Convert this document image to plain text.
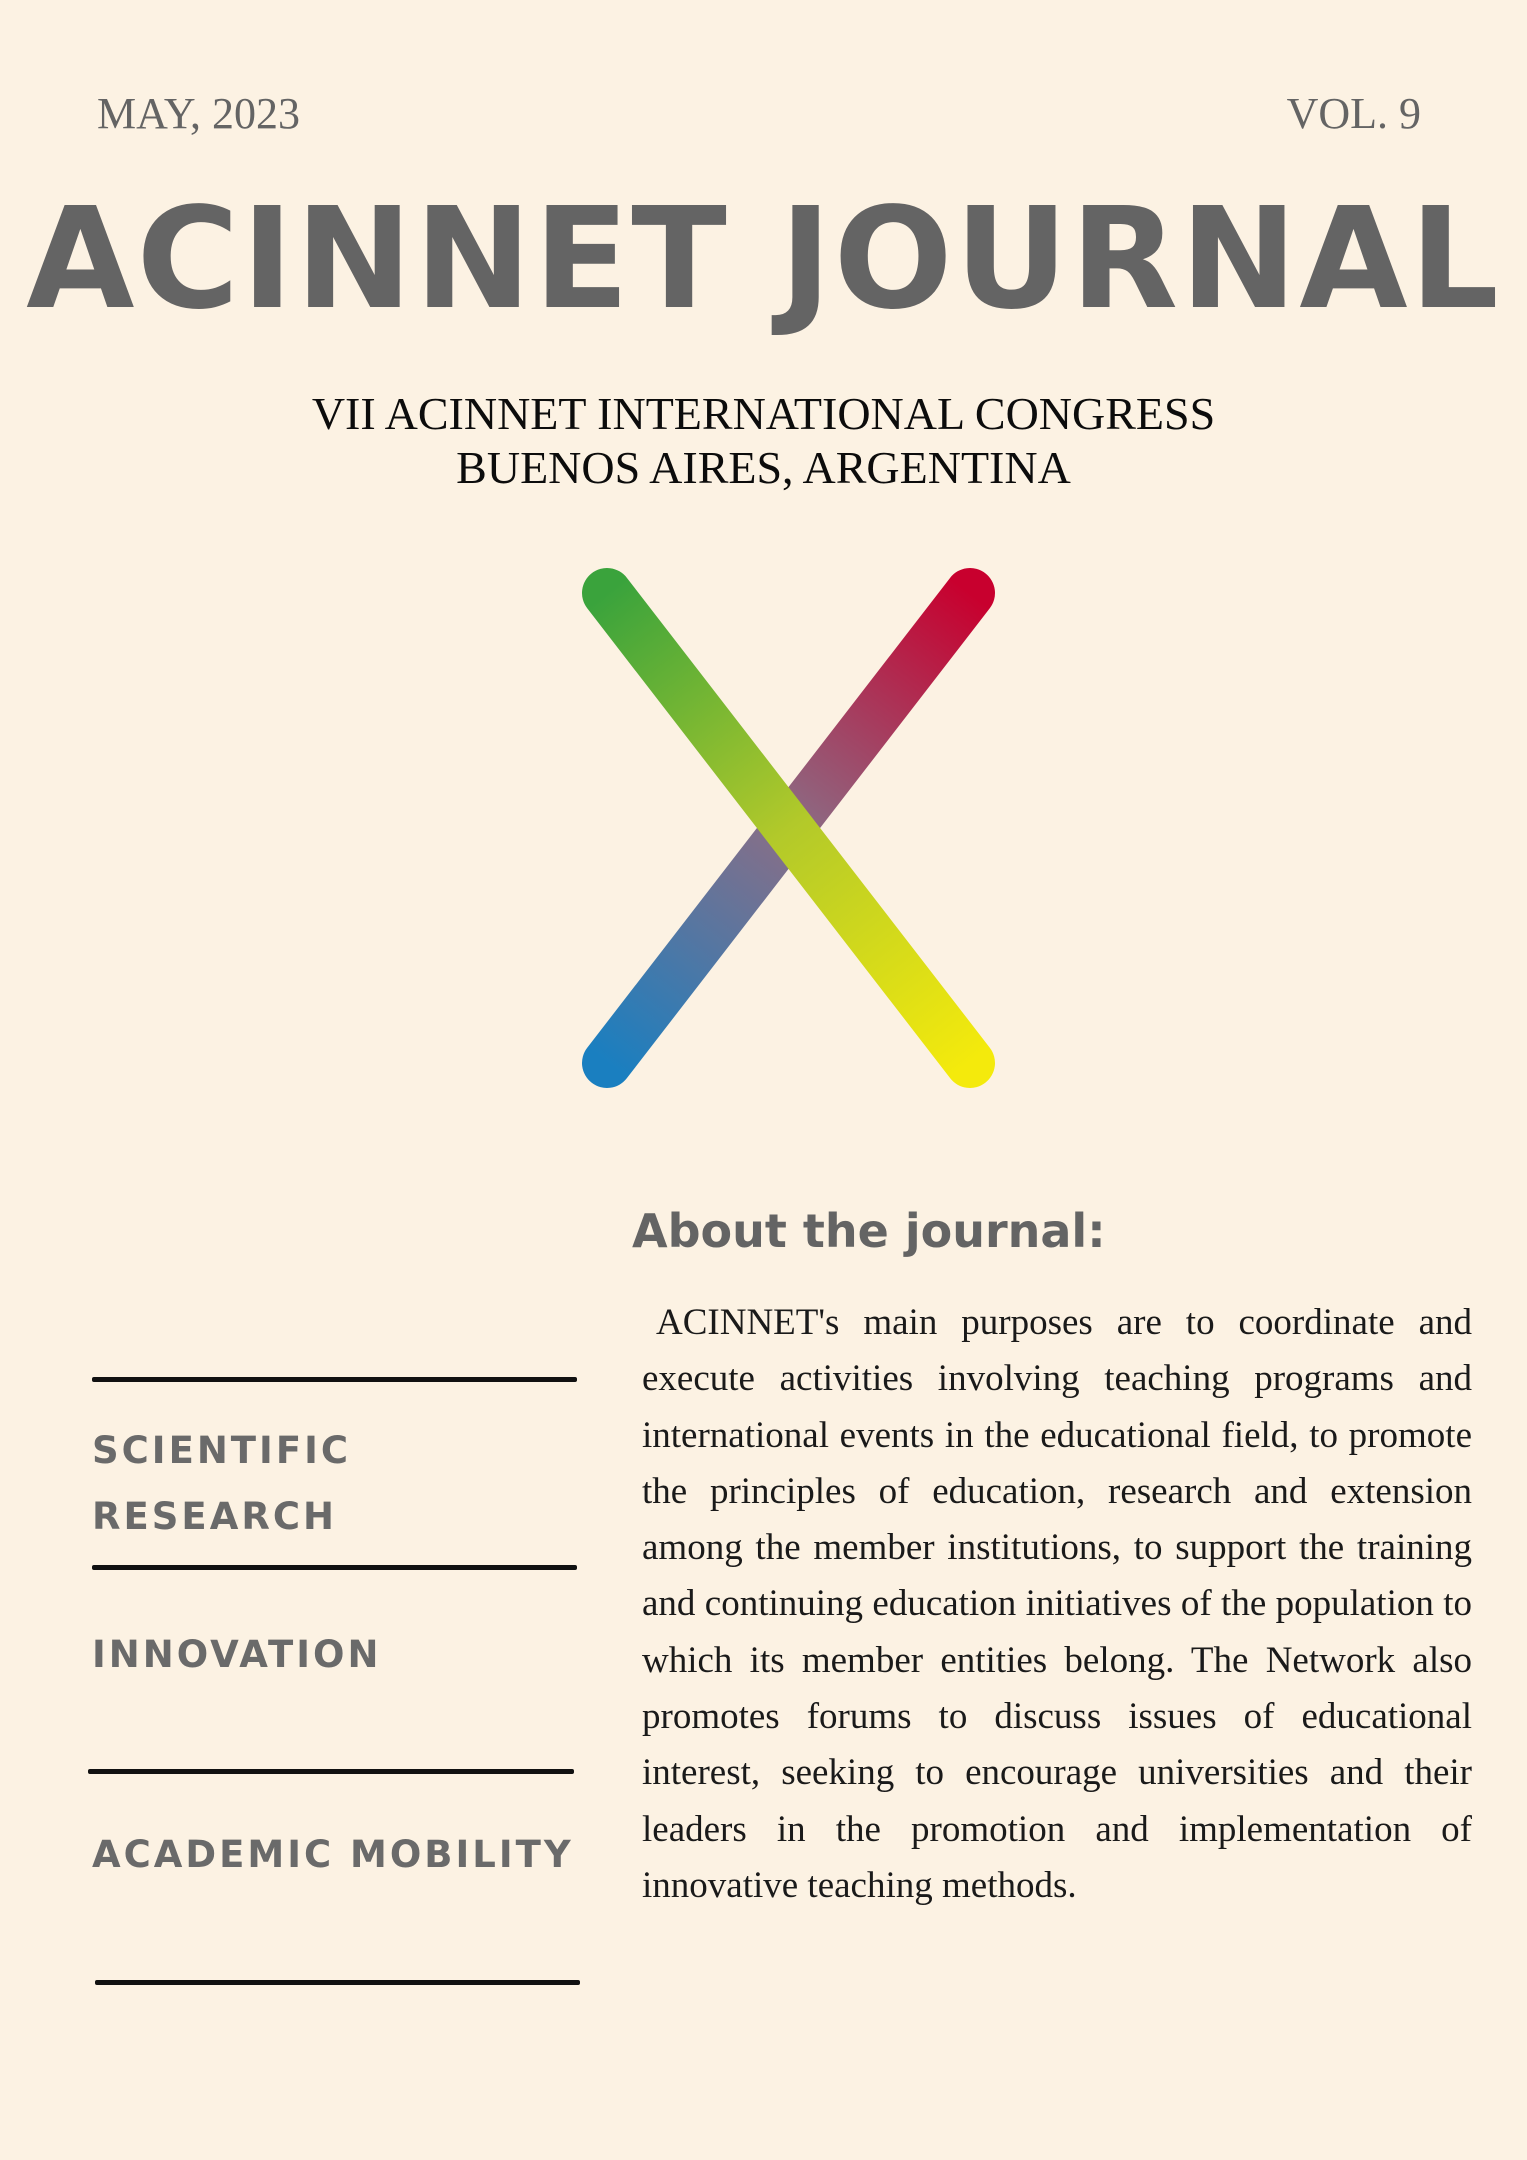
MAY, 2023	VOL. 9
ACINNET JOURNAL
VII ACINNET INTERNATIONAL CONGRESS
BUENOS AIRES, ARGENTINA
About the journal:
ACINNET's main purposes are to coordinate and execute activities involving teaching programs and international events in the educational field, to promote the principles of education, research and extension among the member institutions, to support the training and continuing education initiatives of the population to which its member entities belong. The Network also promotes forums to discuss issues of educational interest, seeking to encourage universities and their leaders in the promotion and implementation of innovative teaching methods.
SCIENTIFIC
RESEARCH
INNOVATION
ACADEMIC MOBILITY
